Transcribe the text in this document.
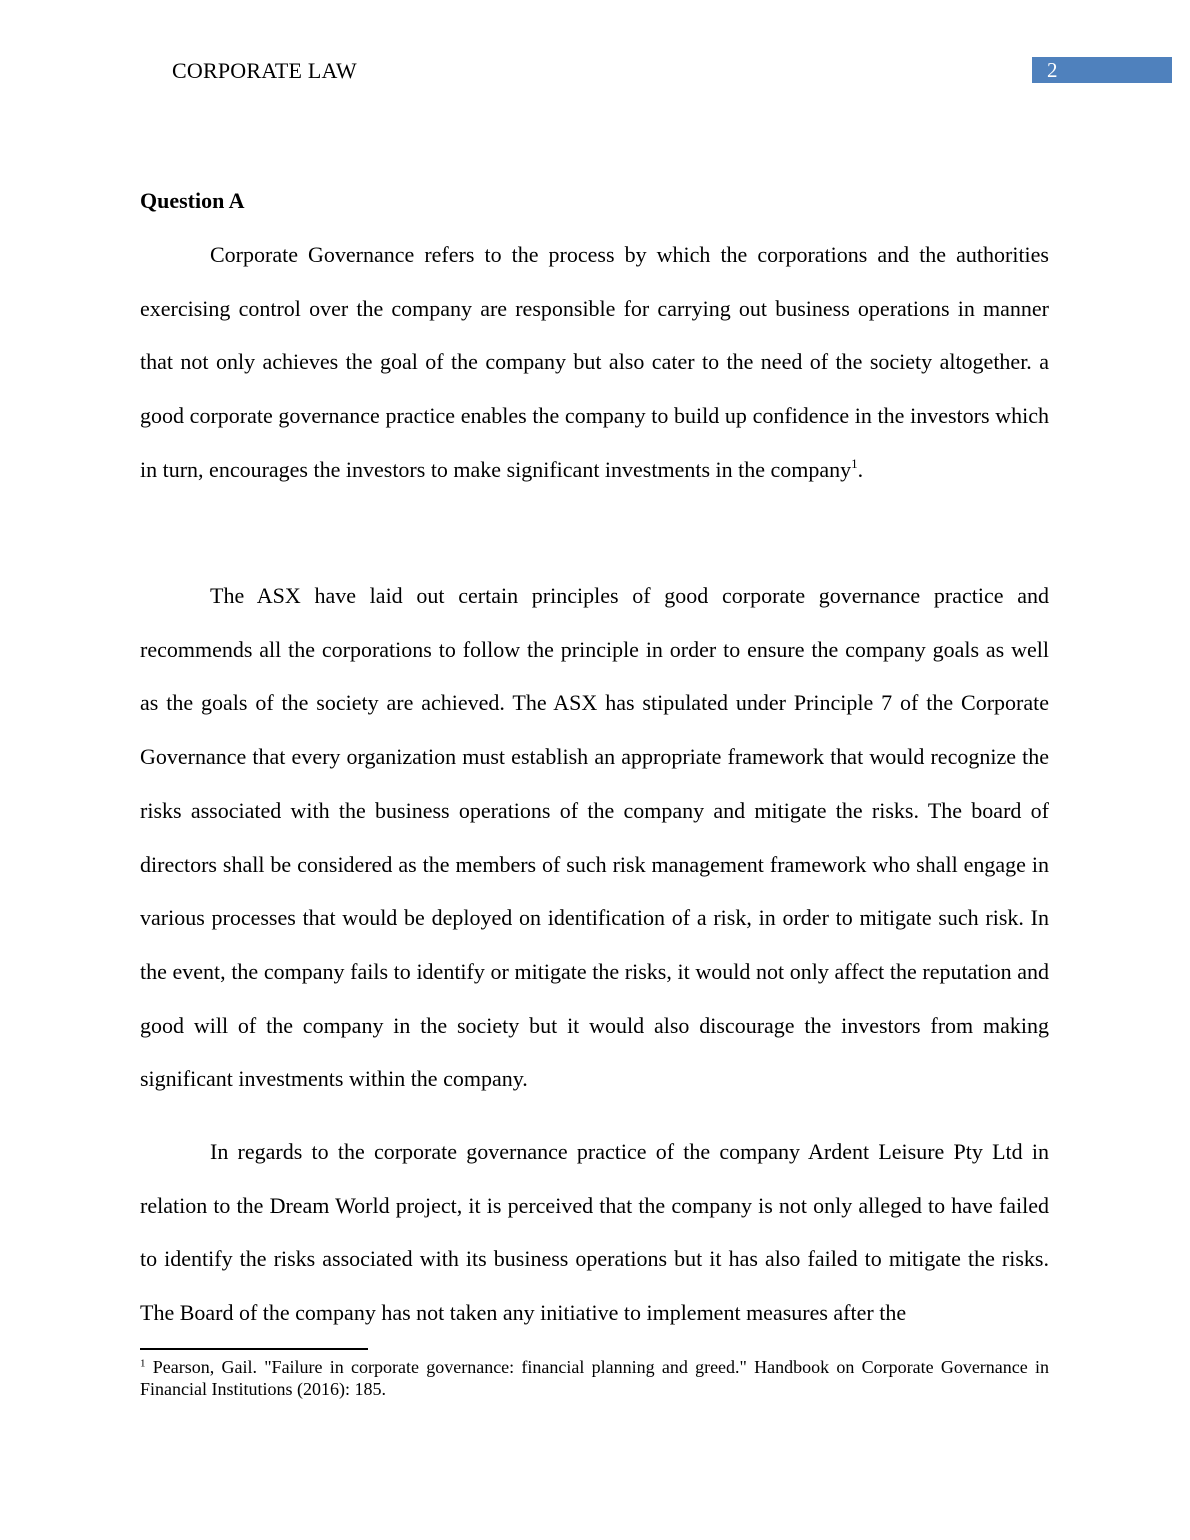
CORPORATE LAW	2
Question A

Corporate Governance refers to the process by which the corporations and the authorities exercising control over the company are responsible for carrying out business operations in manner that not only achieves the goal of the company but also cater to the need of the society altogether. a good corporate governance practice enables the company to build up confidence in the investors which in turn, encourages the investors to make significant investments in the company$^1$.

The ASX have laid out certain principles of good corporate governance practice and recommends all the corporations to follow the principle in order to ensure the company goals as well as the goals of the society are achieved. The ASX has stipulated under Principle 7 of the Corporate Governance that every organization must establish an appropriate framework that would recognize the risks associated with the business operations of the company and mitigate the risks. The board of directors shall be considered as the members of such risk management framework who shall engage in various processes that would be deployed on identification of a risk, in order to mitigate such risk. In the event, the company fails to identify or mitigate the risks, it would not only affect the reputation and good will of the company in the society but it would also discourage the investors from making significant investments within the company.

In regards to the corporate governance practice of the company Ardent Leisure Pty Ltd in relation to the Dream World project, it is perceived that the company is not only alleged to have failed to identify the risks associated with its business operations but it has also failed to mitigate the risks. The Board of the company has not taken any initiative to implement measures after the

$^1$ Pearson, Gail. "Failure in corporate governance: financial planning and greed." Handbook on Corporate Governance in Financial Institutions (2016): 185.
